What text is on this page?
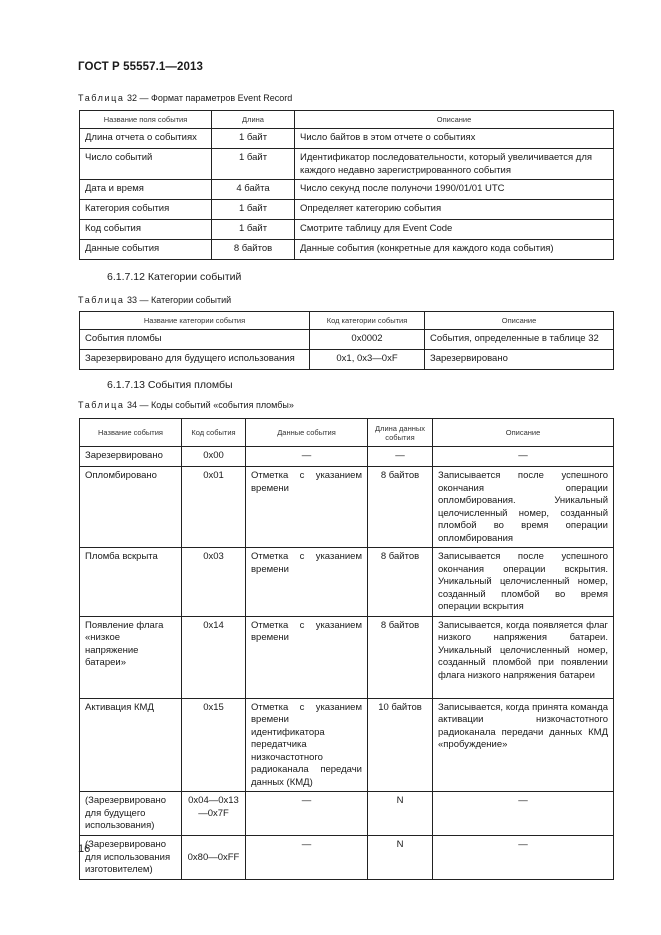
ГОСТ Р 55557.1—2013
Таблица 32 — Формат параметров Event Record
Название поля события	Длина	Описание
Длина отчета о событиях	1 байт	Число байтов в этом отчете о событиях
Число событий	1 байт	Идентификатор последовательности, который увеличивается для каждого недавно зарегистрированного события
Дата и время	4 байта	Число секунд после полуночи 1990/01/01 UTC
Категория события	1 байт	Определяет категорию события
Код события	1 байт	Смотрите таблицу для Event Code
Данные события	8 байтов	Данные события (конкретные для каждого кода события)
6.1.7.12 Категории событий
Таблица 33 — Категории событий
Название категории события	Код категории события	Описание
События пломбы	0x0002	События, определенные в таблице 32
Зарезервировано для будущего использования	0x1, 0x3—0xF	Зарезервировано
6.1.7.13 События пломбы
Таблица 34 — Коды событий «события пломбы»
Название события	Код события	Данные события	Длина данных события	Описание
Зарезервировано	0x00	—	—	—
Опломбировано	0x01	Отметка с указанием времени	8 байтов	Записывается после успешного окончания операции опломбирования. Уникальный целочисленный номер, созданный пломбой во время операции опломбирования
Пломба вскрыта	0x03	Отметка с указанием времени	8 байтов	Записывается после успешного окончания операции вскрытия. Уникальный целочисленный номер, созданный пломбой во время операции вскрытия
Появление флага «низкое напряжение батареи»	0x14	Отметка с указанием времени	8 байтов	Записывается, когда появляется флаг низкого напряжения батареи. Уникальный целочисленный номер, созданный пломбой при появлении флага низкого напряжения батареи
Активация КМД	0x15	Отметка с указанием времени идентификатора передатчика низкочастотного радиоканала передачи данных (КМД)	10 байтов	Записывается, когда принята команда активации низкочастотного радиоканала передачи данных КМД «пробуждение»
(Зарезервировано для будущего использования)	0x04—0x13—0x7F	—	N	—
(Зарезервировано для использования изготовителем)	0x80—0xFF	—	N	—
16
